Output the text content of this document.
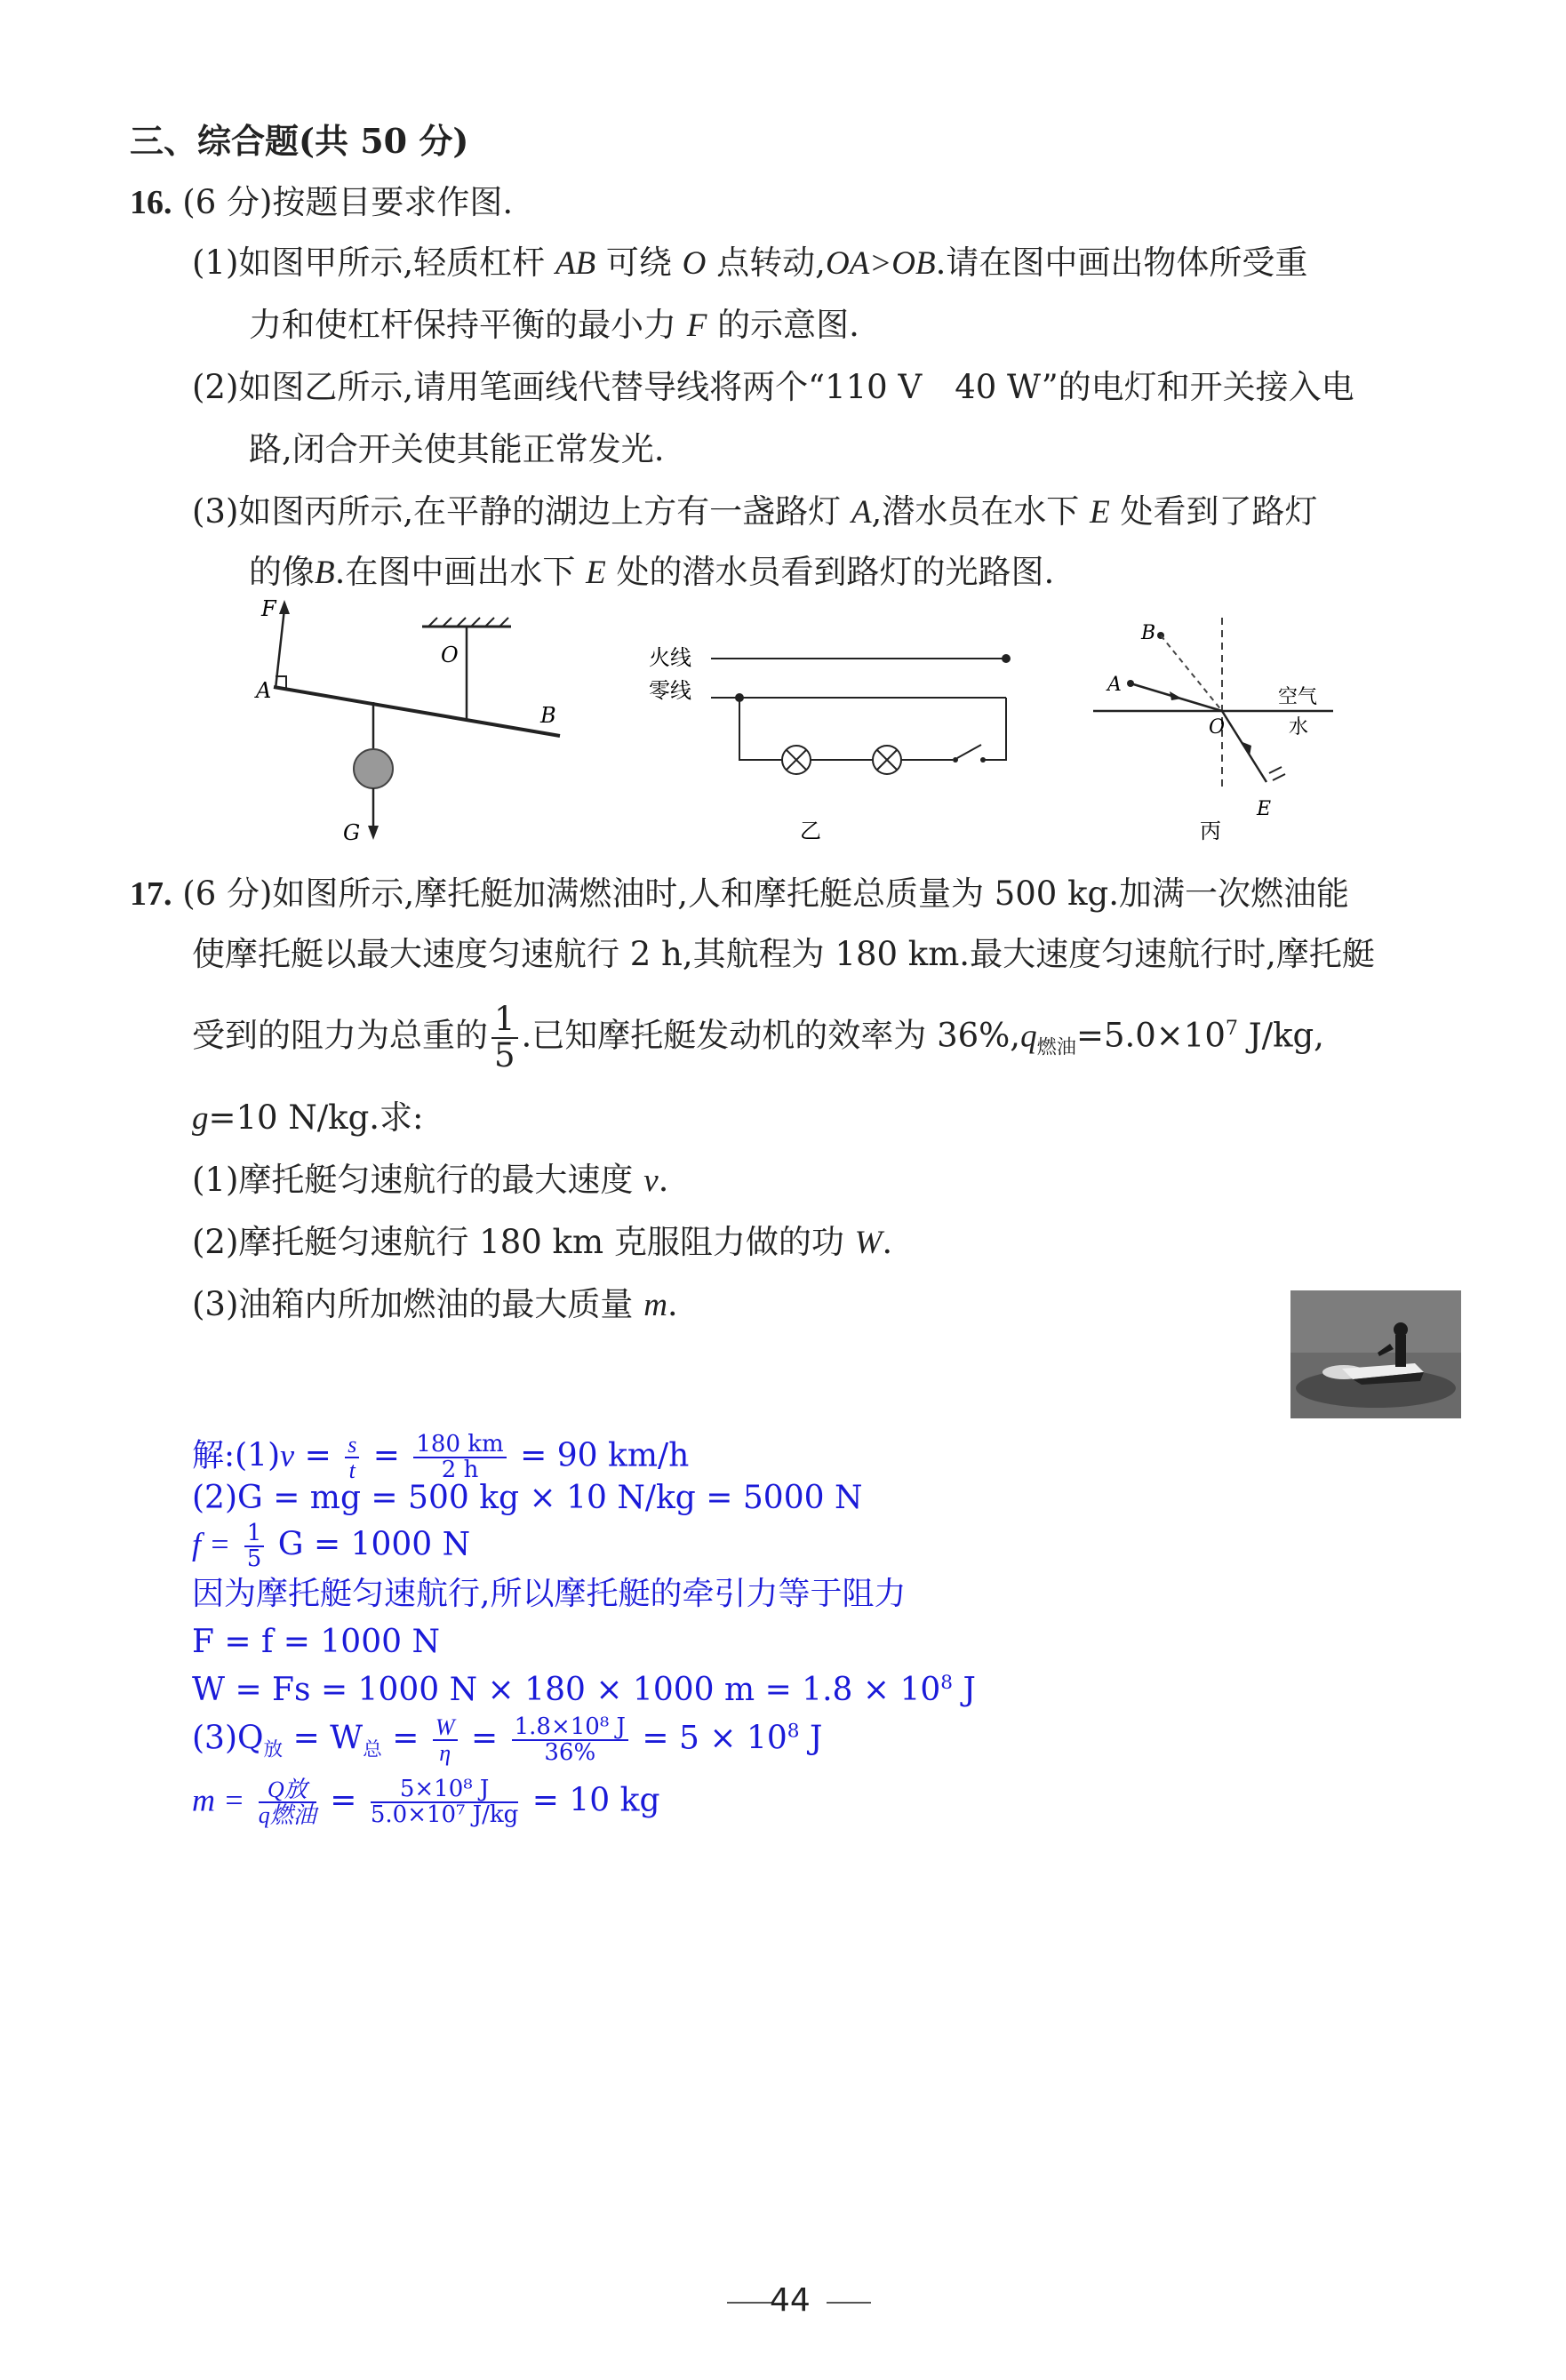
三、综合题(共 50 分)
16. (6 分)按题目要求作图.
(1)如图甲所示,轻质杠杆 AB 可绕 O 点转动,OA>OB.请在图中画出物体所受重
力和使杠杆保持平衡的最小力 F 的示意图.
(2)如图乙所示,请用笔画线代替导线将两个“110 V　40 W”的电灯和开关接入电
路,闭合开关使其能正常发光.
(3)如图丙所示,在平静的湖边上方有一盏路灯 A,潜水员在水下 E 处看到了路灯
的像B.在图中画出水下 E 处的潜水员看到路灯的光路图.
F
A
B
O
G
火线
零线
乙
B
A
空气
水
O
E
丙
17. (6 分)如图所示,摩托艇加满燃油时,人和摩托艇总质量为 500 kg.加满一次燃油能
使摩托艇以最大速度匀速航行 2 h,其航程为 180 km.最大速度匀速航行时,摩托艇
受到的阻力为总重的 $\frac{1}{5}$ .已知摩托艇发动机的效率为 $36\%,q_{燃油}=5.0\times 10^7$ J/kg,
g=10 N/kg.求:
(1)摩托艇匀速航行的最大速度 v.
(2)摩托艇匀速航行 180 km 克服阻力做的功 W.
(3)油箱内所加燃油的最大质量 m.
解:(1)v = $\frac{s}{t} = \frac{180 km}{2 h} = 90$ km/h
(2)G = mg = 500 kg × 10 N/kg = 5000 N
$f = \frac{1}{5}$ G = 1000 N
因为摩托艇匀速航行,所以摩托艇的牵引力等于阻力
F = f = 1000 N
W = Fs = 1000 N × 180 × 1000 $m = 1.8 \times 10^8$ J
$(3)Q_放 = W_总 = \frac{W}{\eta} = \frac{\text{1.8×10⁸ J}}{36\%} = 5 \times 10^8$ J
$m = \frac{\text{Q放}}{\text{q燃油}} = \frac{\text{5×10⁸ J}}{\text{5.0×10⁷ J/kg}} = 10$ kg
44
